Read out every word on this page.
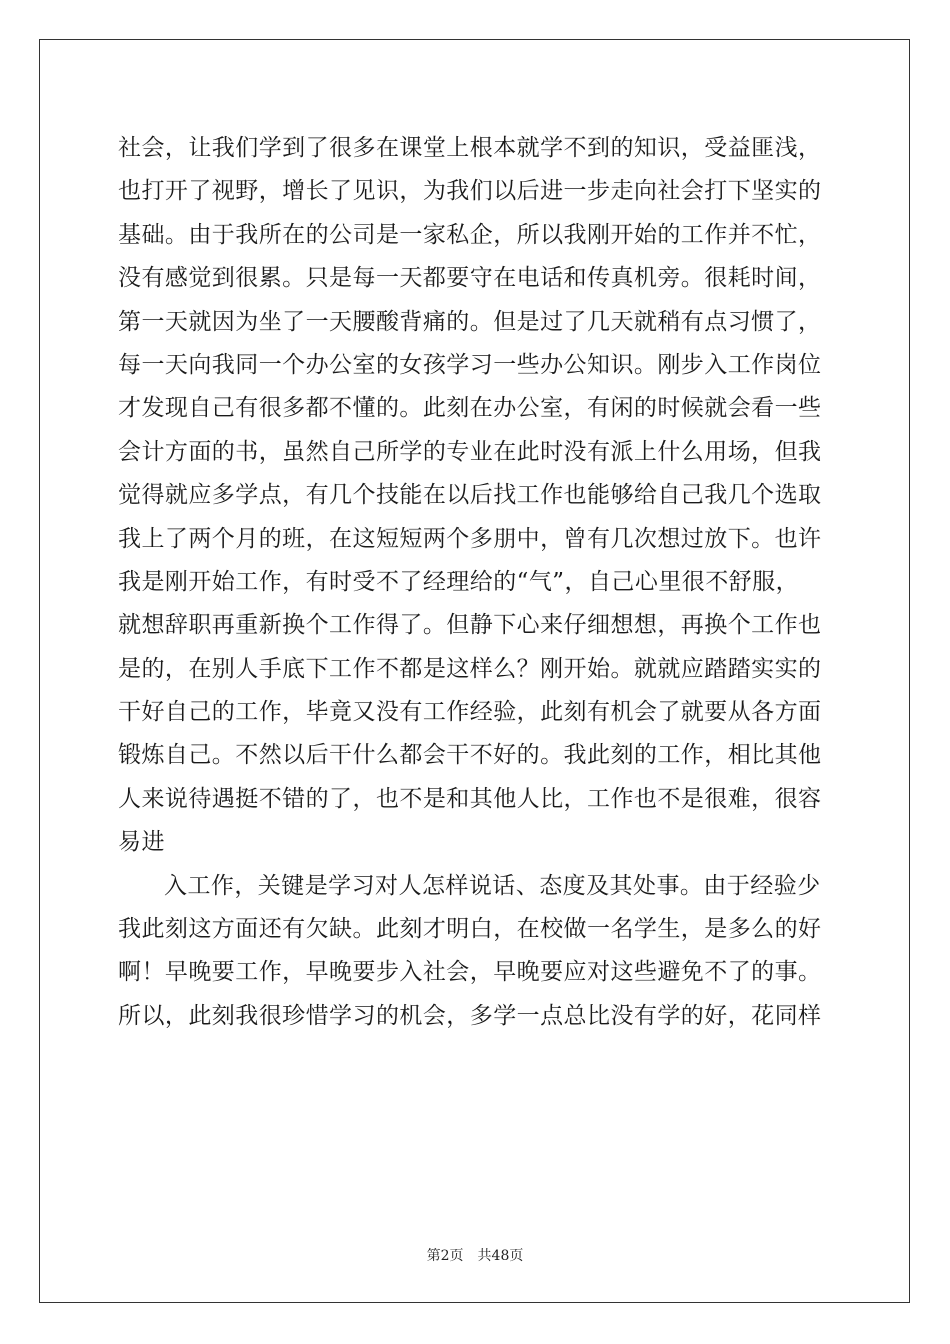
社会，让我们学到了很多在课堂上根本就学不到的知识，受益匪浅，
也打开了视野，增长了见识，为我们以后进一步走向社会打下坚实的
基础。由于我所在的公司是一家私企，所以我刚开始的工作并不忙，
没有感觉到很累。只是每一天都要守在电话和传真机旁。很耗时间，
第一天就因为坐了一天腰酸背痛的。但是过了几天就稍有点习惯了，
每一天向我同一个办公室的女孩学习一些办公知识。刚步入工作岗位
才发现自己有很多都不懂的。此刻在办公室，有闲的时候就会看一些
会计方面的书，虽然自己所学的专业在此时没有派上什么用场，但我
觉得就应多学点，有几个技能在以后找工作也能够给自己我几个选取
我上了两个月的班，在这短短两个多朋中，曾有几次想过放下。也许
我是刚开始工作，有时受不了经理给的“气”，自己心里很不舒服，
就想辞职再重新换个工作得了。但静下心来仔细想想，再换个工作也
是的，在别人手底下工作不都是这样么？刚开始。就就应踏踏实实的
干好自己的工作，毕竟又没有工作经验，此刻有机会了就要从各方面
锻炼自己。不然以后干什么都会干不好的。我此刻的工作，相比其他
人来说待遇挺不错的了，也不是和其他人比，工作也不是很难，很容
易进
入工作，关键是学习对人怎样说话、态度及其处事。由于经验少
我此刻这方面还有欠缺。此刻才明白，在校做一名学生，是多么的好
啊！早晚要工作，早晚要步入社会，早晚要应对这些避免不了的事。
所以，此刻我很珍惜学习的机会，多学一点总比没有学的好，花同样
第2页 共48页
